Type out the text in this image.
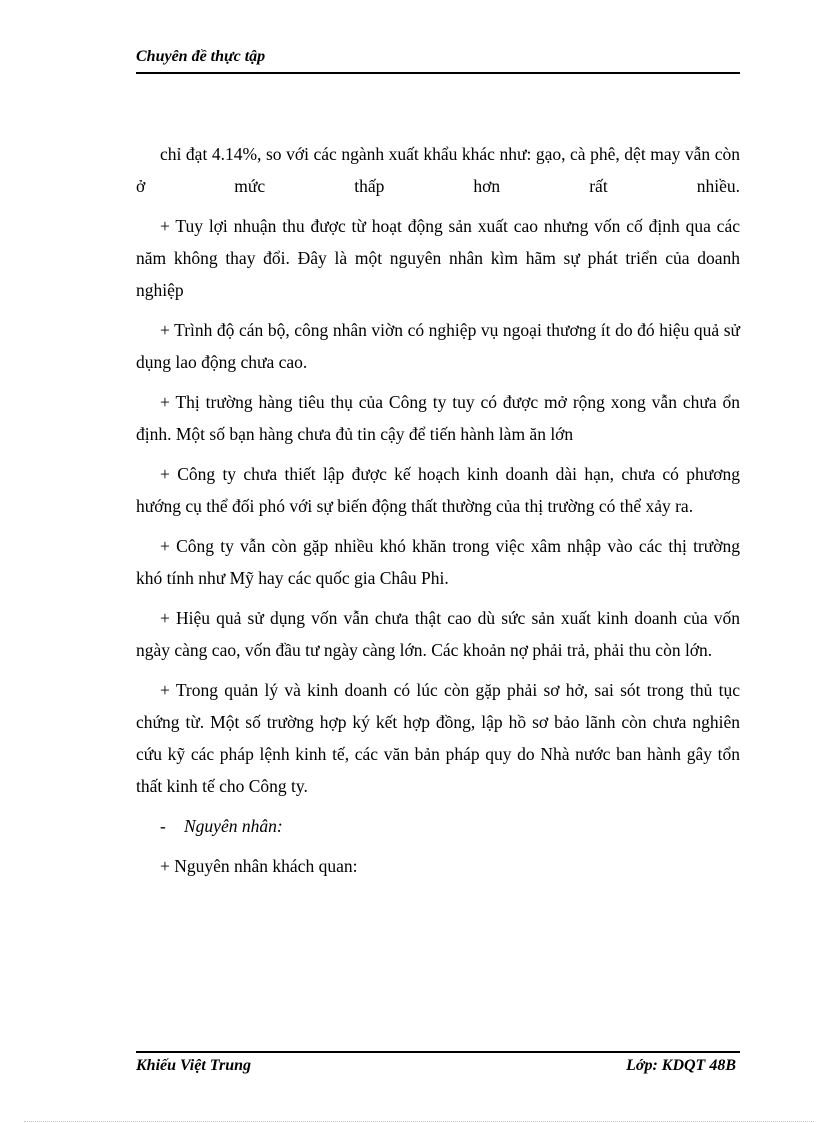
Chuyên đề thực tập

chỉ đạt 4.14%, so với các ngành xuất khẩu khác như: gạo, cà phê, dệt may vẫn còn ở mức thấp hơn rất nhiều.

+ Tuy lợi nhuận thu được từ hoạt động sản xuất cao nhưng vốn cố định qua các năm không thay đổi. Đây là một nguyên nhân kìm hãm sự phát triển của doanh nghiệp

+ Trình độ cán bộ, công nhân viờn có nghiệp vụ ngoại thương ít do đó hiệu quả sử dụng lao động chưa cao.

+ Thị trường hàng tiêu thụ của Công ty tuy có được mở rộng xong vẫn chưa ổn định. Một số bạn hàng chưa đủ tin cậy để tiến hành làm ăn lớn

+ Công ty chưa thiết lập được kế hoạch kinh doanh dài hạn, chưa có phương hướng cụ thể đối phó với sự biến động thất thường của thị trường có thể xảy ra.

+ Công ty vẫn còn gặp nhiều khó khăn trong việc xâm nhập vào các thị trường khó tính như Mỹ hay các quốc gia Châu Phi.

+ Hiệu quả sử dụng vốn vẫn chưa thật cao dù sức sản xuất kinh doanh của vốn ngày càng cao, vốn đầu tư ngày càng lớn. Các khoản nợ phải trả, phải thu còn lớn.

+ Trong quản lý và kinh doanh có lúc còn gặp phải sơ hở, sai sót trong thủ tục chứng từ. Một số trường hợp ký kết hợp đồng, lập hồ sơ bảo lãnh còn chưa nghiên cứu kỹ các pháp lệnh kinh tế, các văn bản pháp quy do Nhà nước ban hành gây tổn thất kinh tế cho Công ty.

- Nguyên nhân:

+ Nguyên nhân khách quan:

Khiếu Việt Trung	Lớp: KDQT 48B
